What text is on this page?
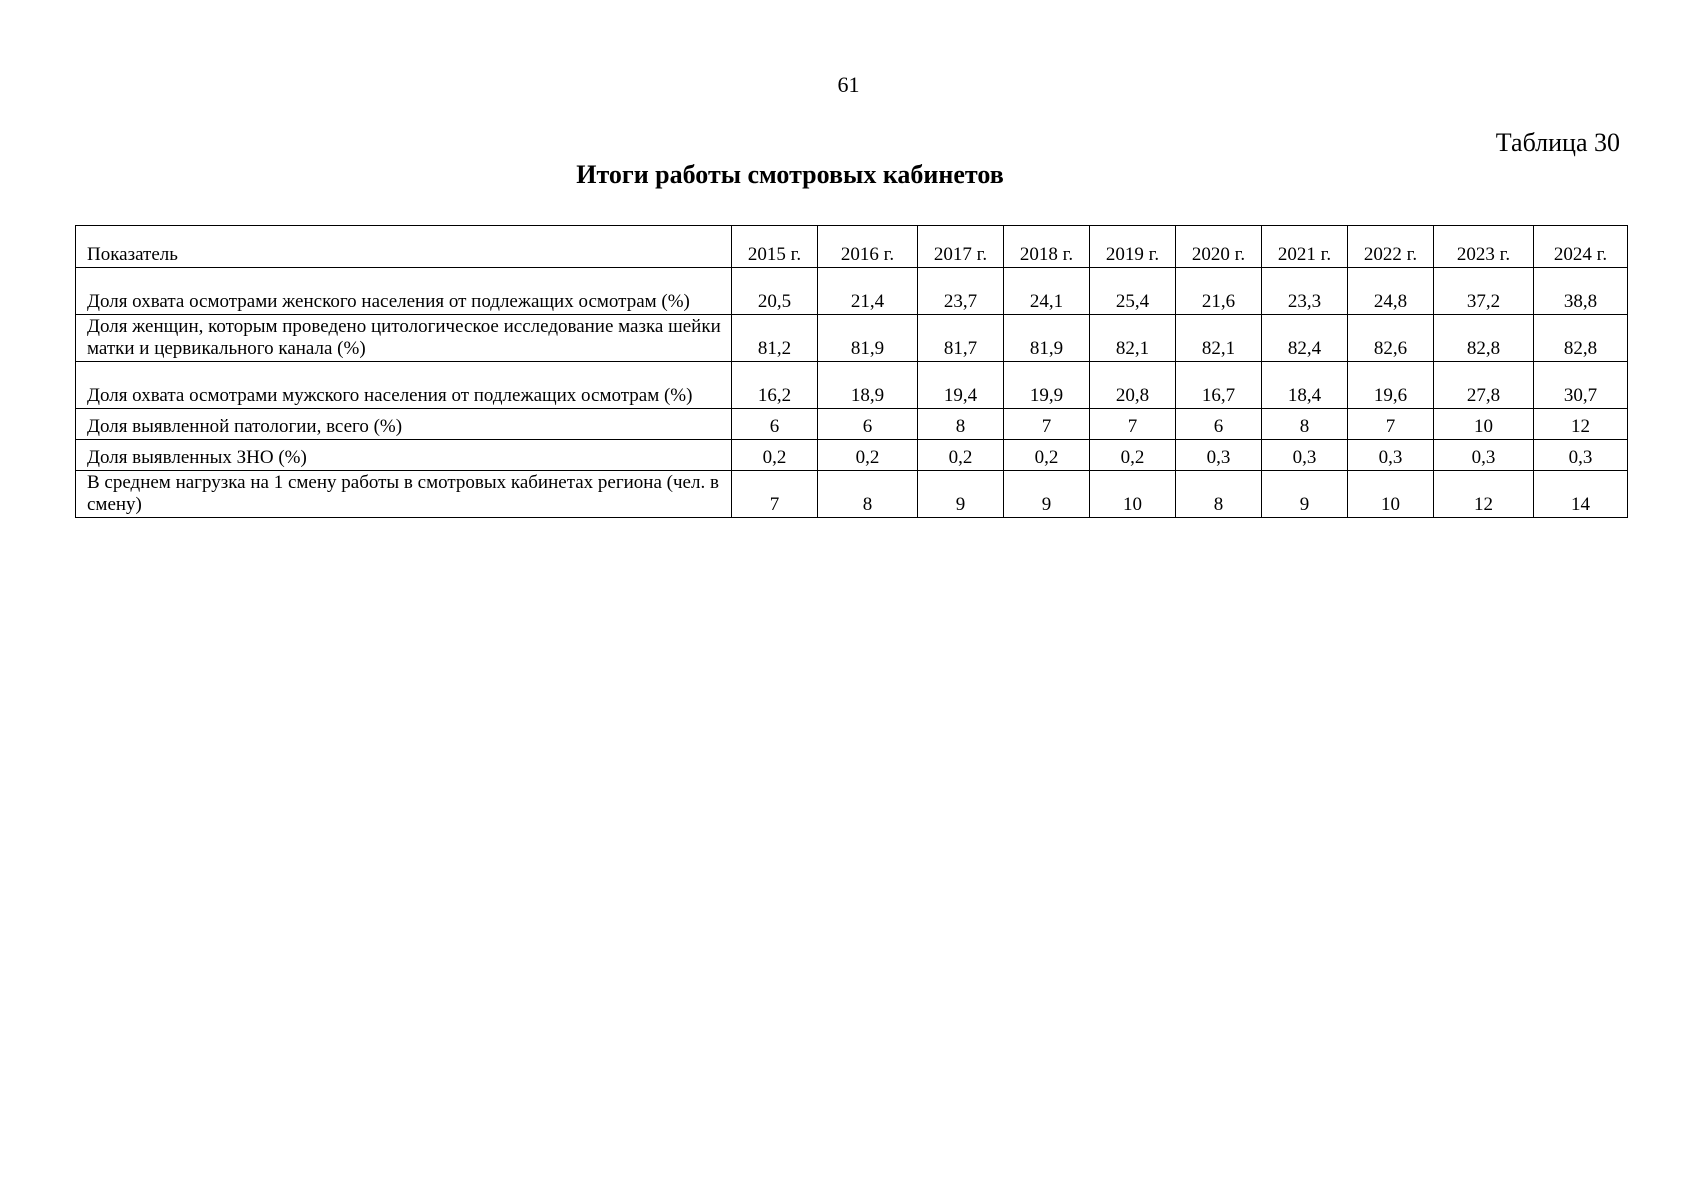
61
Таблица 30
Итоги работы смотровых кабинетов
Показатель	2015 г.	2016 г.	2017 г.	2018 г.	2019 г.	2020 г.	2021 г.	2022 г.	2023 г.	2024 г.
Доля охвата осмотрами женского населения от подлежащих осмотрам (%)	20,5	21,4	23,7	24,1	25,4	21,6	23,3	24,8	37,2	38,8
Доля женщин, которым проведено цитологическое исследование мазка шейки матки и цервикального канала (%)	81,2	81,9	81,7	81,9	82,1	82,1	82,4	82,6	82,8	82,8
Доля охвата осмотрами мужского населения от подлежащих осмотрам (%)	16,2	18,9	19,4	19,9	20,8	16,7	18,4	19,6	27,8	30,7
Доля выявленной патологии, всего (%)	6	6	8	7	7	6	8	7	10	12
Доля выявленных ЗНО (%)	0,2	0,2	0,2	0,2	0,2	0,3	0,3	0,3	0,3	0,3
В среднем нагрузка на 1 смену работы в смотровых кабинетах региона (чел. в смену)	7	8	9	9	10	8	9	10	12	14
